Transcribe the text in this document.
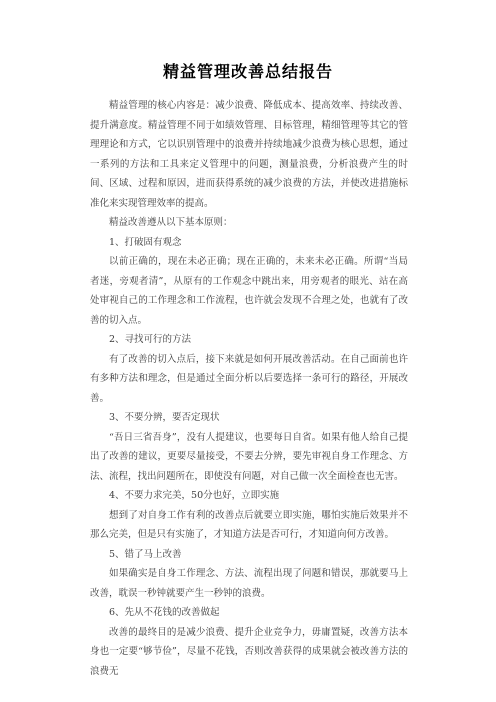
精益管理改善总结报告

精益管理的核心内容是：减少浪费、降低成本、提高效率、持续改善、提升满意度。精益管理不同于如绩效管理、目标管理，精细管理等其它的管理理论和方式，它以识别管理中的浪费并持续地减少浪费为核心思想，通过一系列的方法和工具来定义管理中的问题，测量浪费，分析浪费产生的时间、区域、过程和原因，进而获得系统的减少浪费的方法，并使改进措施标准化来实现管理效率的提高。

精益改善遵从以下基本原则：

1、打破固有观念

以前正确的，现在未必正确；现在正确的，未来未必正确。所谓“当局者迷，旁观者清”，从原有的工作观念中跳出来，用旁观者的眼光、站在高处审视自己的工作理念和工作流程，也许就会发现不合理之处，也就有了改善的切入点。

2、寻找可行的方法

有了改善的切入点后，接下来就是如何开展改善活动。在自己面前也许有多种方法和理念，但是通过全面分析以后要选择一条可行的路径，开展改善。

3、不要分辨，要否定现状

“吾日三省吾身”，没有人提建议，也要每日自省。如果有他人给自己提出了改善的建议，更要尽量接受，不要去分辨，要先审视自身工作理念、方法、流程，找出问题所在，即使没有问题，对自己做一次全面检查也无害。

4、不要力求完美，50分也好，立即实施

想到了对自身工作有利的改善点后就要立即实施，哪怕实施后效果并不那么完美，但是只有实施了，才知道方法是否可行，才知道向何方改善。

5、错了马上改善

如果确实是自身工作理念、方法、流程出现了问题和错误，那就要马上改善，耽误一秒钟就要产生一秒钟的浪费。

6、先从不花钱的改善做起

改善的最终目的是减少浪费、提升企业竞争力，毋庸置疑，改善方法本身也一定要“够节俭”，尽量不花钱，否则改善获得的成果就会被改善方法的浪费无
